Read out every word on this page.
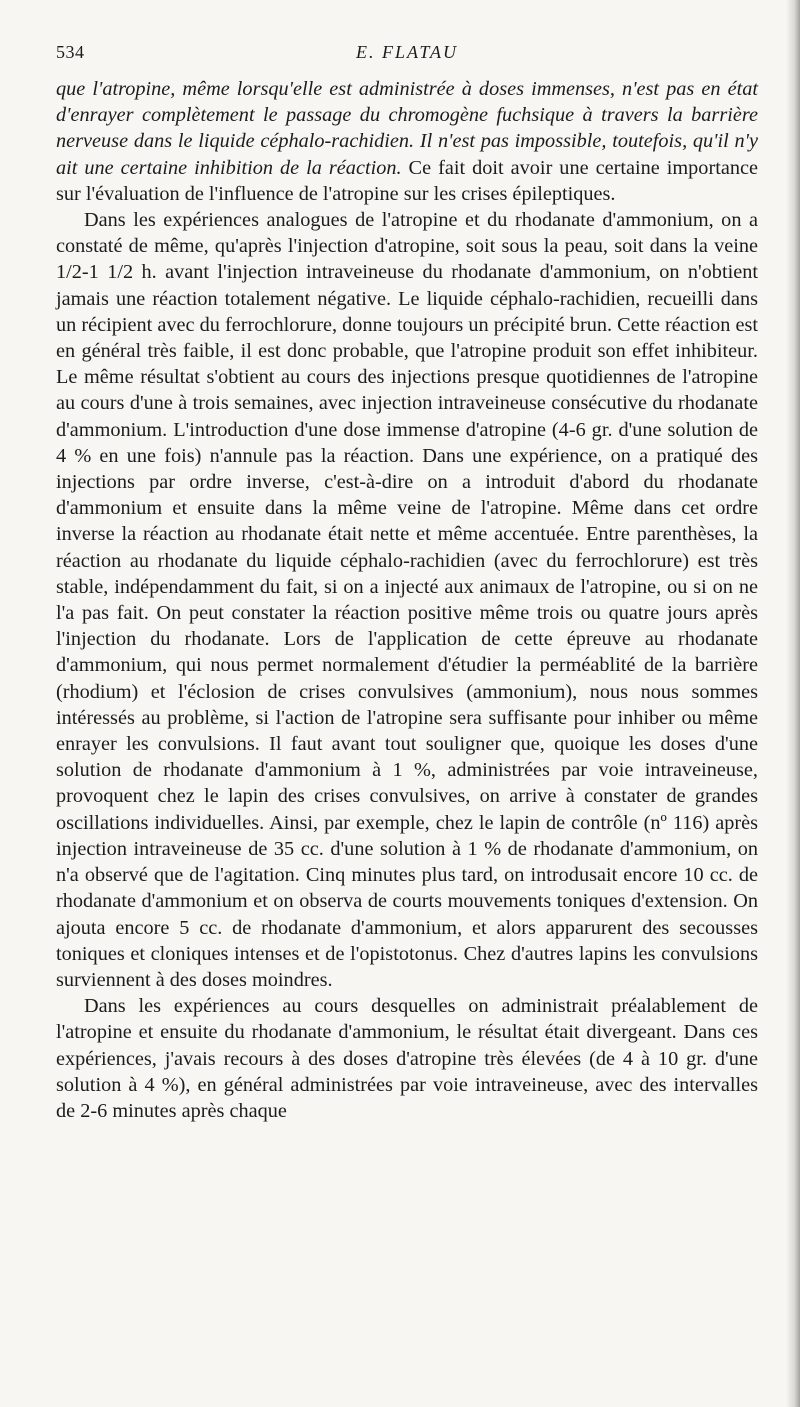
534	E. FLATAU

que l'atropine, même lorsqu'elle est administrée à doses immenses, n'est pas en état d'enrayer complètement le passage du chromogène fuchsique à travers la barrière nerveuse dans le liquide céphalo-rachidien. Il n'est pas impossible, toutefois, qu'il n'y ait une certaine inhibition de la réaction. Ce fait doit avoir une certaine importance sur l'évaluation de l'influence de l'atropine sur les crises épileptiques.

Dans les expériences analogues de l'atropine et du rhodanate d'ammonium, on a constaté de même, qu'après l'injection d'atropine, soit sous la peau, soit dans la veine 1/2-1 1/2 h. avant l'injection intraveineuse du rhodanate d'ammonium, on n'obtient jamais une réaction totalement négative. Le liquide céphalo-rachidien, recueilli dans un récipient avec du ferrochlorure, donne toujours un précipité brun. Cette réaction est en général très faible, il est donc probable, que l'atropine produit son effet inhibiteur. Le même résultat s'obtient au cours des injections presque quotidiennes de l'atropine au cours d'une à trois semaines, avec injection intraveineuse consécutive du rhodanate d'ammonium. L'introduction d'une dose immense d'atropine (4-6 gr. d'une solution de 4 % en une fois) n'annule pas la réaction. Dans une expérience, on a pratiqué des injections par ordre inverse, c'est-à-dire on a introduit d'abord du rhodanate d'ammonium et ensuite dans la même veine de l'atropine. Même dans cet ordre inverse la réaction au rhodanate était nette et même accentuée. Entre parenthèses, la réaction au rhodanate du liquide céphalo-rachidien (avec du ferrochlorure) est très stable, indépendamment du fait, si on a injecté aux animaux de l'atropine, ou si on ne l'a pas fait. On peut constater la réaction positive même trois ou quatre jours après l'injection du rhodanate. Lors de l'application de cette épreuve au rhodanate d'ammonium, qui nous permet normalement d'étudier la perméablité de la barrière (rhodium) et l'éclosion de crises convulsives (ammonium), nous nous sommes intéressés au problème, si l'action de l'atropine sera suffisante pour inhiber ou même enrayer les convulsions. Il faut avant tout souligner que, quoique les doses d'une solution de rhodanate d'ammonium à 1 %, administrées par voie intraveineuse, provoquent chez le lapin des crises convulsives, on arrive à constater de grandes oscillations individuelles. Ainsi, par exemple, chez le lapin de contrôle (nº 116) après injection intraveineuse de 35 cc. d'une solution à 1 % de rhodanate d'ammonium, on n'a observé que de l'agitation. Cinq minutes plus tard, on introdusait encore 10 cc. de rhodanate d'ammonium et on observa de courts mouvements toniques d'extension. On ajouta encore 5 cc. de rhodanate d'ammonium, et alors apparurent des secousses toniques et cloniques intenses et de l'opistotonus. Chez d'autres lapins les convulsions surviennent à des doses moindres.

Dans les expériences au cours desquelles on administrait préalablement de l'atropine et ensuite du rhodanate d'ammonium, le résultat était divergeant. Dans ces expériences, j'avais recours à des doses d'atropine très élevées (de 4 à 10 gr. d'une solution à 4 %), en général administrées par voie intraveineuse, avec des intervalles de 2-6 minutes après chaque
